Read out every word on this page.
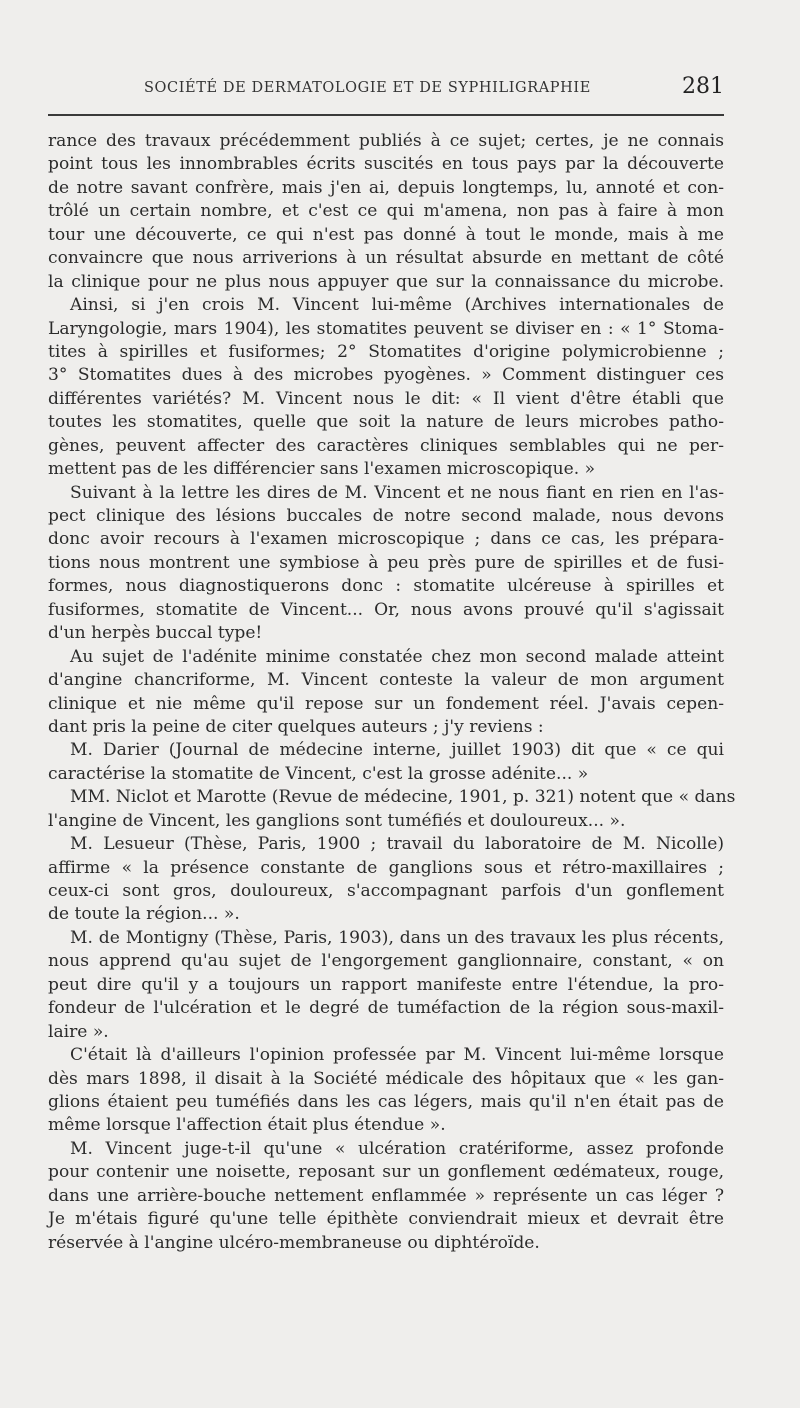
SOCIÉTÉ DE DERMATOLOGIE ET DE SYPHILIGRAPHIE	281
rance des travaux précédemment publiés à ce sujet; certes, je ne connais
point tous les innombrables écrits suscités en tous pays par la découverte
de notre savant confrère, mais j'en ai, depuis longtemps, lu, annoté et con-
trôlé un certain nombre, et c'est ce qui m'amena, non pas à faire à mon
tour une découverte, ce qui n'est pas donné à tout le monde, mais à me
convaincre que nous arriverions à un résultat absurde en mettant de côté
la clinique pour ne plus nous appuyer que sur la connaissance du microbe.
Ainsi, si j'en crois M. Vincent lui-même (Archives internationales de
Laryngologie, mars 1904), les stomatites peuvent se diviser en : « 1° Stoma-
tites à spirilles et fusiformes; 2° Stomatites d'origine polymicrobienne ;
3° Stomatites dues à des microbes pyogènes. » Comment distinguer ces
différentes variétés? M. Vincent nous le dit: « Il vient d'être établi que
toutes les stomatites, quelle que soit la nature de leurs microbes patho-
gènes, peuvent affecter des caractères cliniques semblables qui ne per-
mettent pas de les différencier sans l'examen microscopique. »
Suivant à la lettre les dires de M. Vincent et ne nous fiant en rien en l'as-
pect clinique des lésions buccales de notre second malade, nous devons
donc avoir recours à l'examen microscopique ; dans ce cas, les prépara-
tions nous montrent une symbiose à peu près pure de spirilles et de fusi-
formes, nous diagnostiquerons donc : stomatite ulcéreuse à spirilles et
fusiformes, stomatite de Vincent... Or, nous avons prouvé qu'il s'agissait
d'un herpès buccal type!
Au sujet de l'adénite minime constatée chez mon second malade atteint
d'angine chancriforme, M. Vincent conteste la valeur de mon argument
clinique et nie même qu'il repose sur un fondement réel. J'avais cepen-
dant pris la peine de citer quelques auteurs ; j'y reviens :
M. Darier (Journal de médecine interne, juillet 1903) dit que « ce qui
caractérise la stomatite de Vincent, c'est la grosse adénite... »
MM. Niclot et Marotte (Revue de médecine, 1901, p. 321) notent que « dans
l'angine de Vincent, les ganglions sont tuméfiés et douloureux... ».
M. Lesueur (Thèse, Paris, 1900 ; travail du laboratoire de M. Nicolle)
affirme « la présence constante de ganglions sous et rétro-maxillaires ;
ceux-ci sont gros, douloureux, s'accompagnant parfois d'un gonflement
de toute la région... ».
M. de Montigny (Thèse, Paris, 1903), dans un des travaux les plus récents,
nous apprend qu'au sujet de l'engorgement ganglionnaire, constant, « on
peut dire qu'il y a toujours un rapport manifeste entre l'étendue, la pro-
fondeur de l'ulcération et le degré de tuméfaction de la région sous-maxil-
laire ».
C'était là d'ailleurs l'opinion professée par M. Vincent lui-même lorsque
dès mars 1898, il disait à la Société médicale des hôpitaux que « les gan-
glions étaient peu tuméfiés dans les cas légers, mais qu'il n'en était pas de
même lorsque l'affection était plus étendue ».
M. Vincent juge-t-il qu'une « ulcération cratériforme, assez profonde
pour contenir une noisette, reposant sur un gonflement œdémateux, rouge,
dans une arrière-bouche nettement enflammée » représente un cas léger ?
Je m'étais figuré qu'une telle épithète conviendrait mieux et devrait être
réservée à l'angine ulcéro-membraneuse ou diphtéroïde.
